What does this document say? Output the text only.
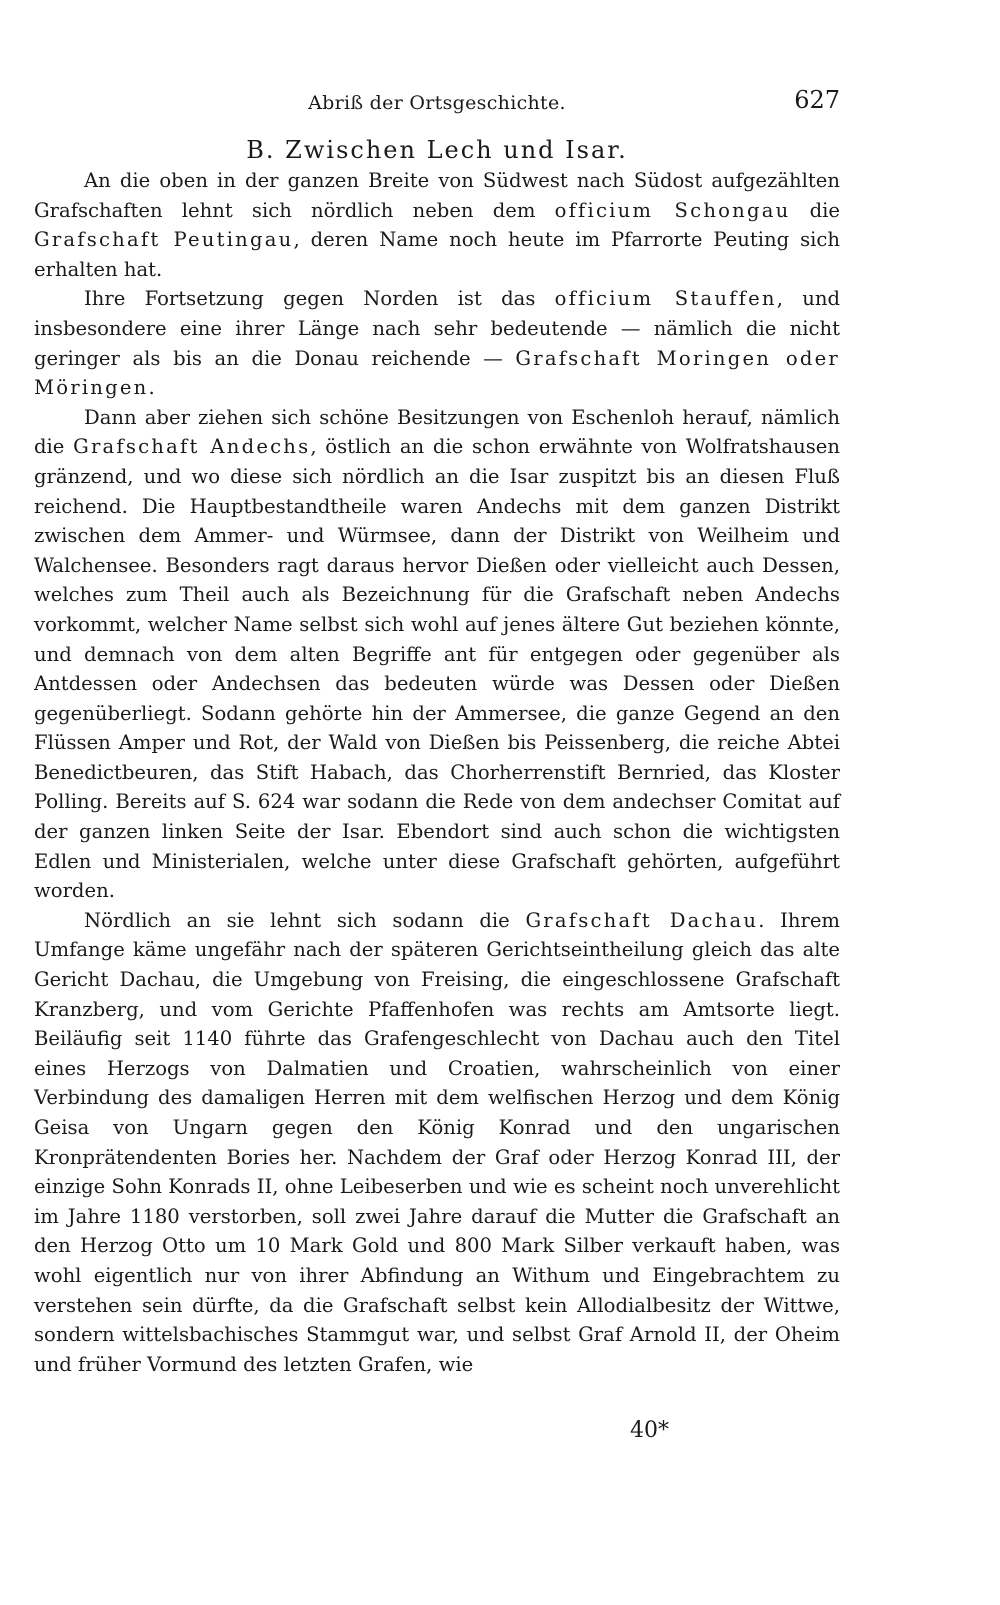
Abriß der Ortsgeschichte.	627
B. Zwischen Lech und Isar.

An die oben in der ganzen Breite von Südwest nach Südost aufgezählten Grafschaften lehnt sich nördlich neben dem officium Schongau die Grafschaft Peutingau, deren Name noch heute im Pfarrorte Peuting sich erhalten hat.

Ihre Fortsetzung gegen Norden ist das officium Stauffen, und insbesondere eine ihrer Länge nach sehr bedeutende — nämlich die nicht geringer als bis an die Donau reichende — Grafschaft Moringen oder Möringen.

Dann aber ziehen sich schöne Besitzungen von Eschenloh herauf, nämlich die Grafschaft Andechs, östlich an die schon erwähnte von Wolfratshausen gränzend, und wo diese sich nördlich an die Isar zuspitzt bis an diesen Fluß reichend. Die Hauptbestandtheile waren Andechs mit dem ganzen Distrikt zwischen dem Ammer- und Würmsee, dann der Distrikt von Weilheim und Walchensee. Besonders ragt daraus hervor Dießen oder vielleicht auch Dessen, welches zum Theil auch als Bezeichnung für die Grafschaft neben Andechs vorkommt, welcher Name selbst sich wohl auf jenes ältere Gut beziehen könnte, und demnach von dem alten Begriffe ant für entgegen oder gegenüber als Antdessen oder Andechsen das bedeuten würde was Dessen oder Dießen gegenüberliegt. Sodann gehörte hin der Ammersee, die ganze Gegend an den Flüssen Amper und Rot, der Wald von Dießen bis Peissenberg, die reiche Abtei Benedictbeuren, das Stift Habach, das Chorherrenstift Bernried, das Kloster Polling. Bereits auf S. 624 war sodann die Rede von dem andechser Comitat auf der ganzen linken Seite der Isar. Ebendort sind auch schon die wichtigsten Edlen und Ministerialen, welche unter diese Grafschaft gehörten, aufgeführt worden.

Nördlich an sie lehnt sich sodann die Grafschaft Dachau. Ihrem Umfange käme ungefähr nach der späteren Gerichtseintheilung gleich das alte Gericht Dachau, die Umgebung von Freising, die eingeschlossene Grafschaft Kranzberg, und vom Gerichte Pfaffenhofen was rechts am Amtsorte liegt. Beiläufig seit 1140 führte das Grafengeschlecht von Dachau auch den Titel eines Herzogs von Dalmatien und Croatien, wahrscheinlich von einer Verbindung des damaligen Herren mit dem welfischen Herzog und dem König Geisa von Ungarn gegen den König Konrad und den ungarischen Kronprätendenten Bories her. Nachdem der Graf oder Herzog Konrad III, der einzige Sohn Konrads II, ohne Leibeserben und wie es scheint noch unverehlicht im Jahre 1180 verstorben, soll zwei Jahre darauf die Mutter die Grafschaft an den Herzog Otto um 10 Mark Gold und 800 Mark Silber verkauft haben, was wohl eigentlich nur von ihrer Abfindung an Withum und Eingebrachtem zu verstehen sein dürfte, da die Grafschaft selbst kein Allodialbesitz der Wittwe, sondern wittelsbachisches Stammgut war, und selbst Graf Arnold II, der Oheim und früher Vormund des letzten Grafen, wie

40*
